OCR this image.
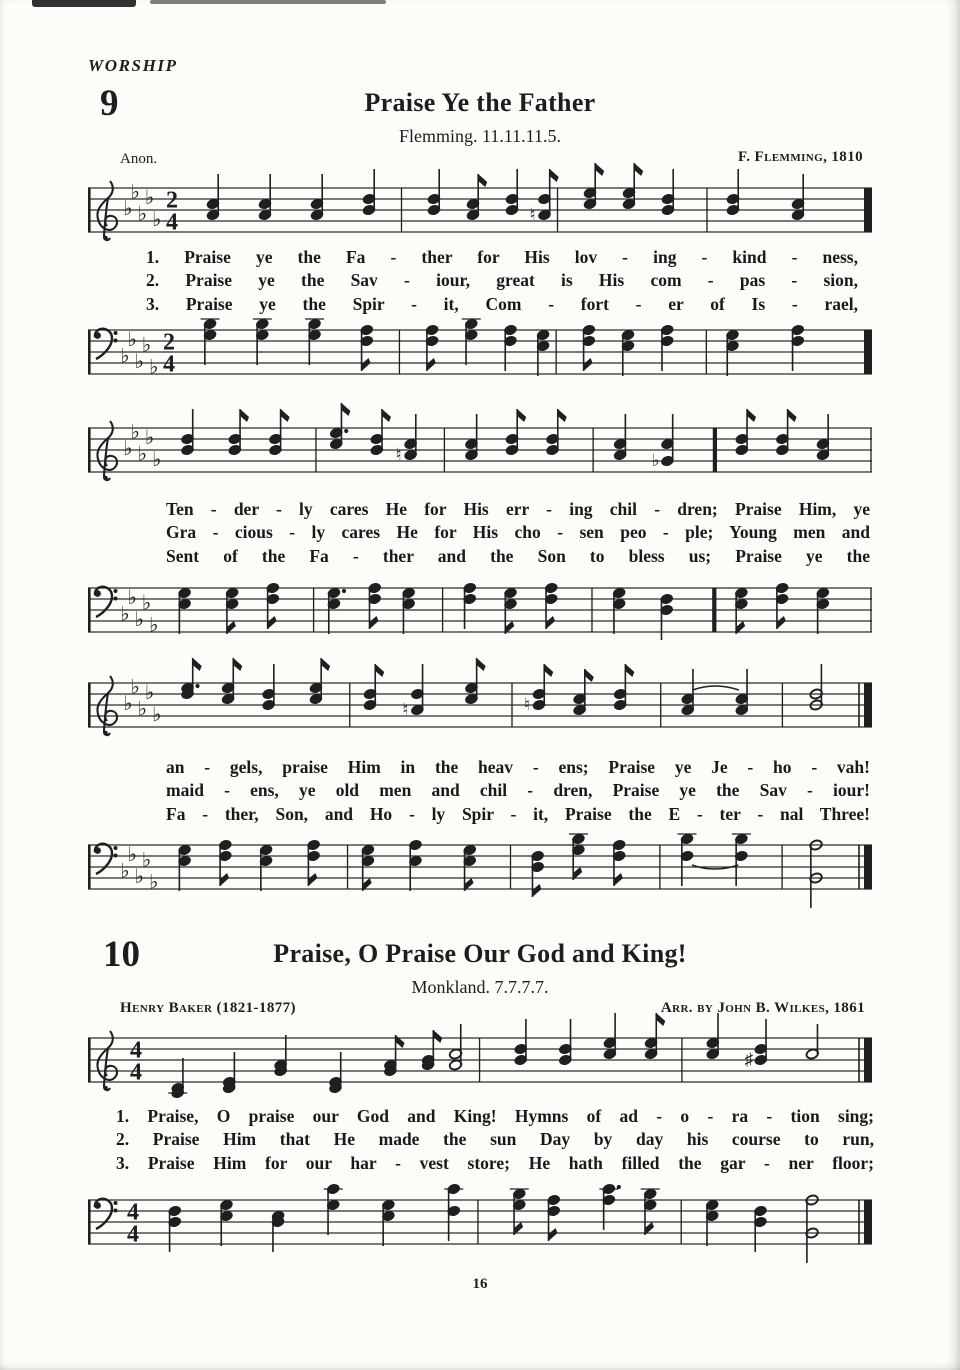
WORSHIP
9	Praise Ye the Father
Flemming. 11.11.11.5.
Anon.	F. Flemming, 1810
♭
♭
♭
♭
♭
2
4	♮
1. Praise ye the Fa - ther for His lov - ing - kind - ness,
2. Praise ye the Sav - iour, great is His com - pas - sion,
3. Praise ye the Spir - it, Com - fort - er of Is - rael,
♭
♭
♭
♭
♭
2
4
♭
♭
♭
♭
♭	♮	♭
Ten - der - ly cares He for His err - ing chil - dren; Praise Him, ye
Gra - cious - ly cares He for His cho - sen peo - ple; Young men and
Sent of the Fa - ther and the Son to bless us; Praise ye the
♭
♭
♭
♭
♭
♭
♭
♭
♭
♭	♮	♮
an - gels, praise Him in the heav - ens; Praise ye Je - ho - vah!
maid - ens, ye old men and chil - dren, Praise ye the Sav - iour!
Fa - ther, Son, and Ho - ly Spir - it, Praise the E - ter - nal Three!
♭
♭
♭
♭
♭
10	Praise, O Praise Our God and King!
Monkland. 7.7.7.7.
Henry Baker (1821-1877)	Arr. by John B. Wilkes, 1861
4
4	♯
1. Praise, O praise our God and King! Hymns of ad - o - ra - tion sing;
2. Praise Him that He made the sun Day by day his course to run,
3. Praise Him for our har - vest store; He hath filled the gar - ner floor;
4
4
16
